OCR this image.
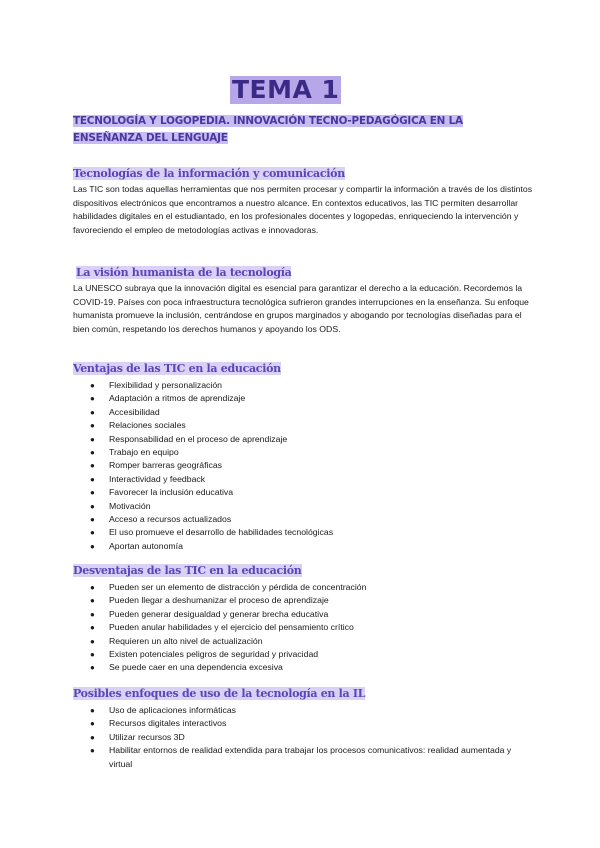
TEMA 1
TECNOLOGÍA Y LOGOPEDIA. INNOVACIÓN TECNO-PEDAGÓGICA EN LA ENSEÑANZA DEL LENGUAJE
Tecnologías de la información y comunicación

Las TIC son todas aquellas herramientas que nos permiten procesar y compartir la información a través de los distintos dispositivos electrónicos que encontramos a nuestro alcance. En contextos educativos, las TIC permiten desarrollar habilidades digitales en el estudiantado, en los profesionales docentes y logopedas, enriqueciendo la intervención y favoreciendo el empleo de metodologías activas e innovadoras.

La visión humanista de la tecnología

La UNESCO subraya que la innovación digital es esencial para garantizar el derecho a la educación. Recordemos la COVID-19. Países con poca infraestructura tecnológica sufrieron grandes interrupciones en la enseñanza. Su enfoque humanista promueve la inclusión, centrándose en grupos marginados y abogando por tecnologías diseñadas para el bien común, respetando los derechos humanos y apoyando los ODS.

Ventajas de las TIC en la educación
● Flexibilidad y personalización
● Adaptación a ritmos de aprendizaje
● Accesibilidad
● Relaciones sociales
● Responsabilidad en el proceso de aprendizaje
● Trabajo en equipo
● Romper barreras geográficas
● Interactividad y feedback
● Favorecer la inclusión educativa
● Motivación
● Acceso a recursos actualizados
● El uso promueve el desarrollo de habilidades tecnológicas
● Aportan autonomía
Desventajas de las TIC en la educación
● Pueden ser un elemento de distracción y pérdida de concentración
● Pueden llegar a deshumanizar el proceso de aprendizaje
● Pueden generar desigualdad y generar brecha educativa
● Pueden anular habilidades y el ejercicio del pensamiento crítico
● Requieren un alto nivel de actualización
● Existen potenciales peligros de seguridad y privacidad
● Se puede caer en una dependencia excesiva
Posibles enfoques de uso de la tecnología en la IL
● Uso de aplicaciones informáticas
● Recursos digitales interactivos
● Utilizar recursos 3D
● Habilitar entornos de realidad extendida para trabajar los procesos comunicativos: realidad aumentada y virtual
